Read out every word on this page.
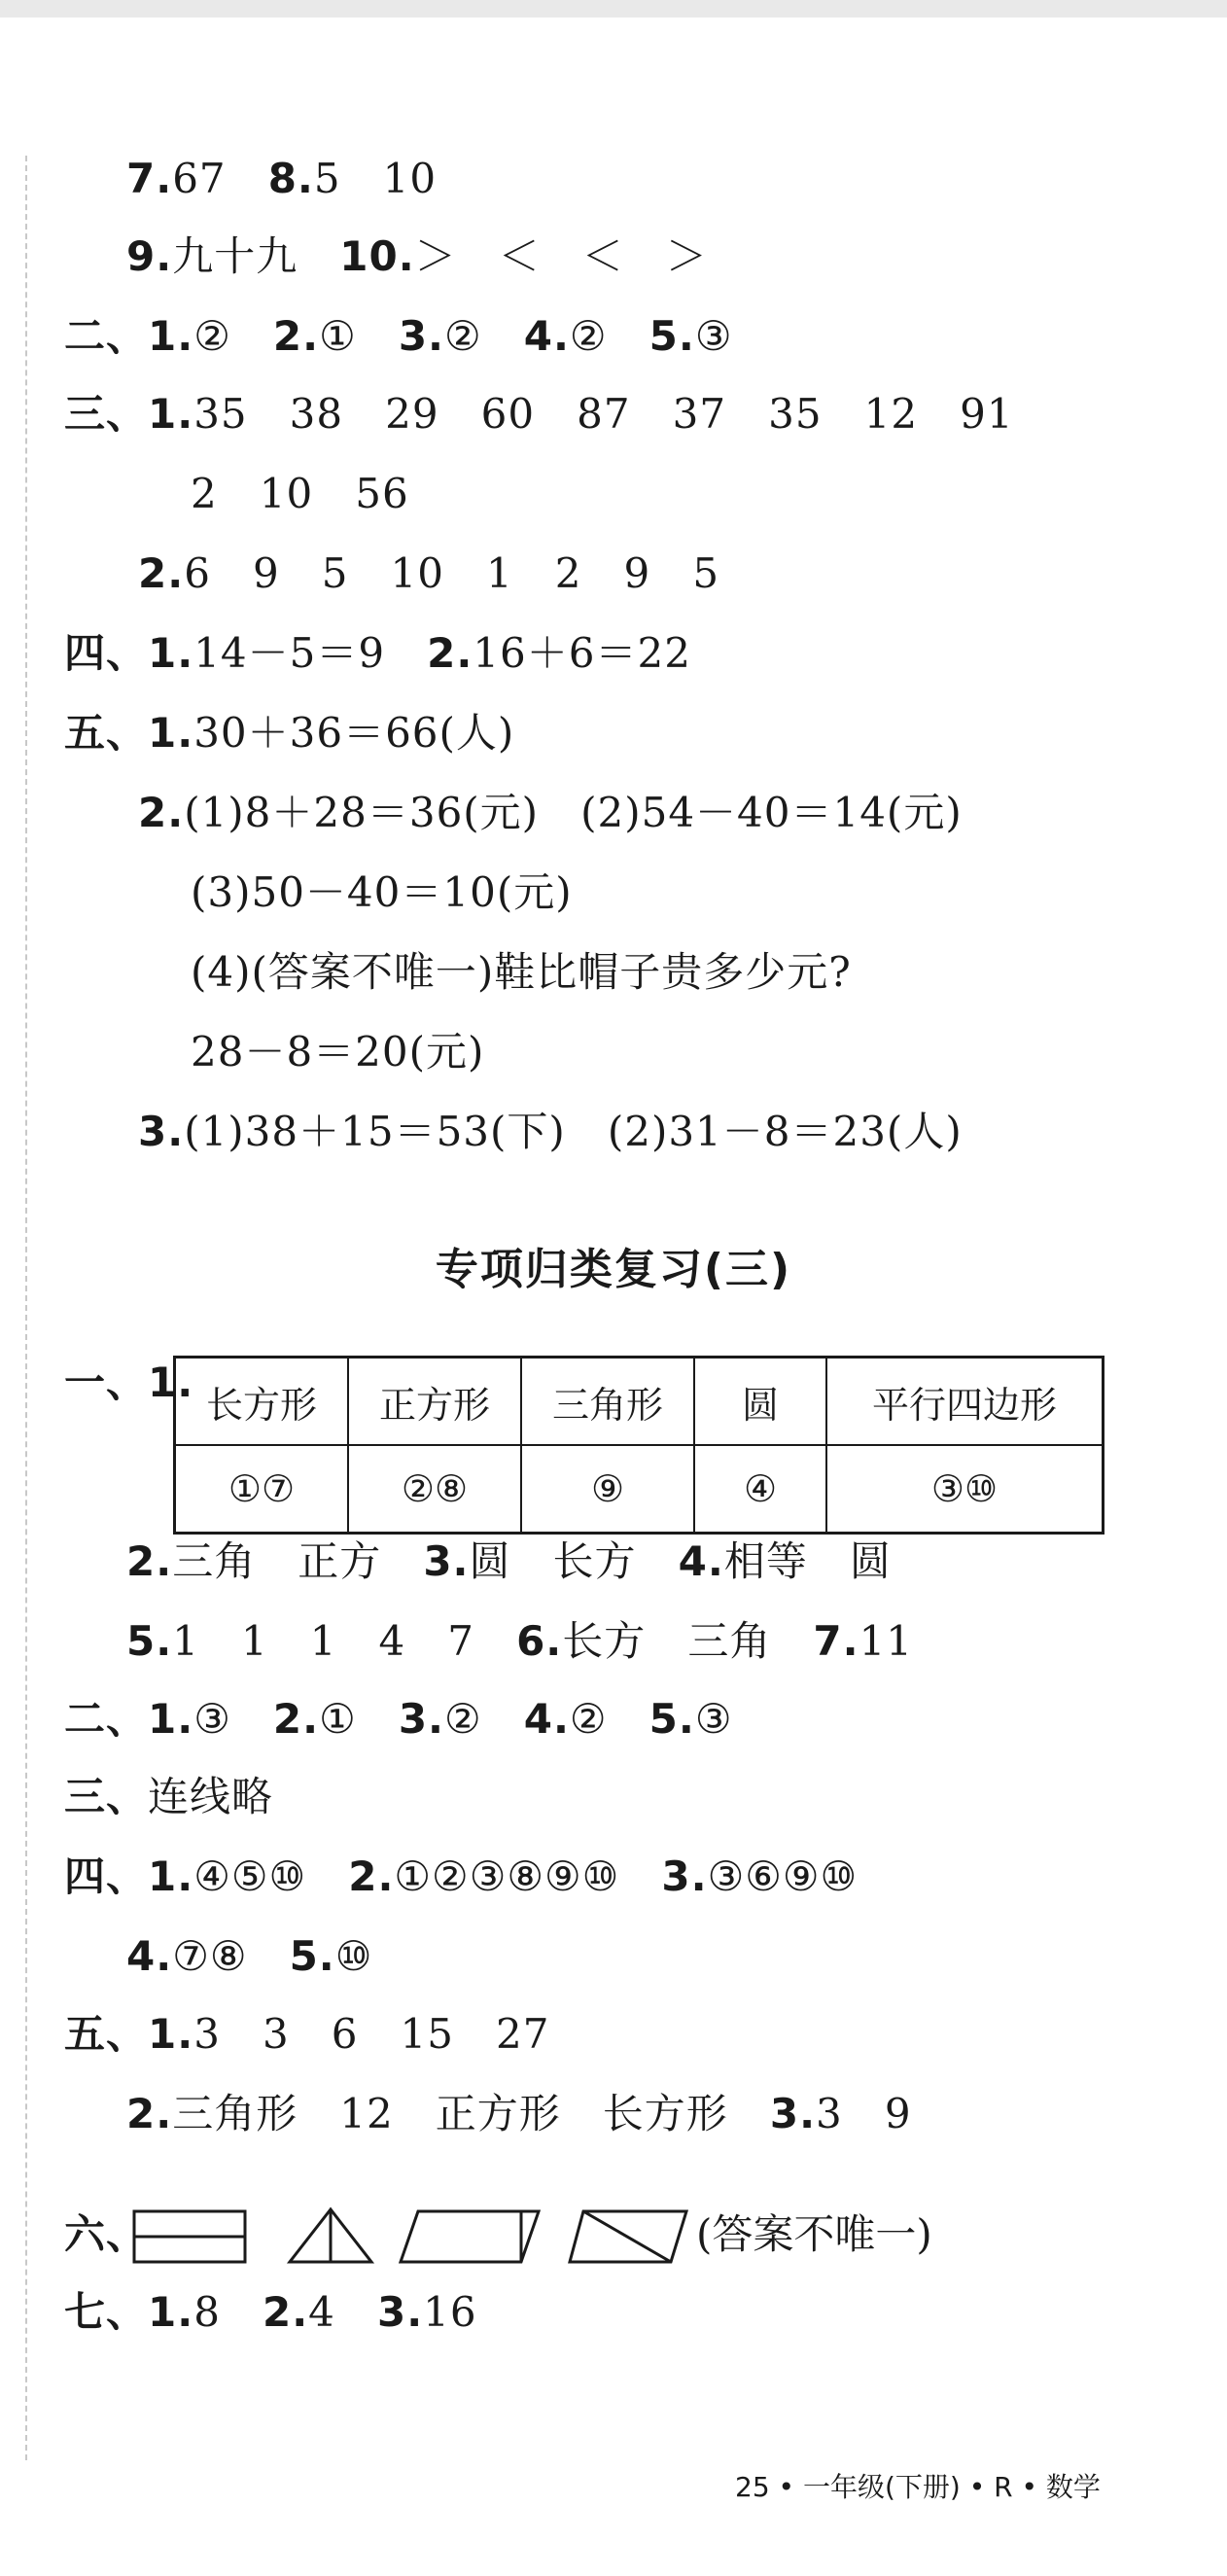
7.67 8.5   10
9.九十九 10.＞   ＜   ＜   ＞
二、1.② 2.① 3.② 4.② 5.③
三、1.35   38   29   60   87   37   35   12   91
2   10   56
2.6   9   5   10   1   2   9   5
四、1.14－5＝9 2.16＋6＝22
五、1.30＋36＝66(人)
2.(1)8＋28＝36(元)   (2)54－40＝14(元)
(3)50－40＝10(元)
(4)(答案不唯一)鞋比帽子贵多少元?
28－8＝20(元)
3.(1)38＋15＝53(下)   (2)31－8＝23(人)
专项归类复习(三)
一、1. 长方形	正方形	三角形	圆	平行四边形
①⑦	②⑧	⑨	④	③⑩
2.三角   正方 3.圆   长方 4.相等   圆
5.1   1   1   4   7 6.长方   三角 7.11
二、1.③ 2.① 3.② 4.② 5.③
三、连线略
四、1.④⑤⑩ 2.①②③⑧⑨⑩ 3.③⑥⑨⑩
4.⑦⑧ 5.⑩
五、1.3   3   6   15   27
2.三角形   12   正方形   长方形 3.3   9
六、	(答案不唯一)
七、1.8 2.4 3.16
25 • 一年级(下册) • R • 数学
